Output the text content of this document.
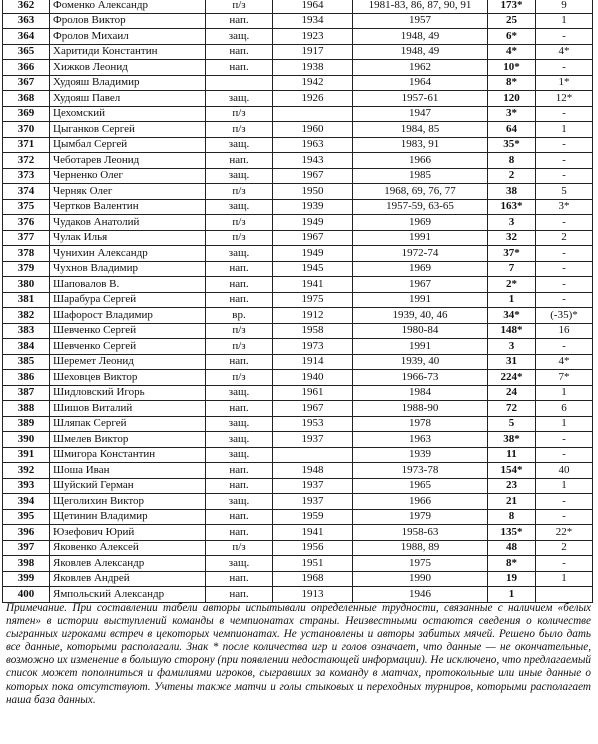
362	Фоменко Александр	п/з	1964	1981-83, 86, 87, 90, 91	173*	9
363	Фролов Виктор	нап.	1934	1957	25	1
364	Фролов Михаил	защ.	1923	1948, 49	6*	-
365	Харитиди Константин	нап.	1917	1948, 49	4*	4*
366	Хижков Леонид	нап.	1938	1962	10*	-
367	Худояш Владимир		1942	1964	8*	1*
368	Худояш Павел	защ.	1926	1957-61	120	12*
369	Цехомский	п/з		1947	3*	-
370	Цыганков Сергей	п/з	1960	1984, 85	64	1
371	Цымбал Сергей	защ.	1963	1983, 91	35*	-
372	Чеботарев Леонид	нап.	1943	1966	8	-
373	Черненко Олег	защ.	1967	1985	2	-
374	Черняк Олег	п/з	1950	1968, 69, 76, 77	38	5
375	Чертков Валентин	защ.	1939	1957-59, 63-65	163*	3*
376	Чудаков Анатолий	п/з	1949	1969	3	-
377	Чулак Илья	п/з	1967	1991	32	2
378	Чунихин Александр	защ.	1949	1972-74	37*	-
379	Чухнов Владимир	нап.	1945	1969	7	-
380	Шаповалов В.	нап.	1941	1967	2*	-
381	Шарабура Сергей	нап.	1975	1991	1	-
382	Шафорост Владимир	вр.	1912	1939, 40, 46	34*	(-35)*
383	Шевченко Сергей	п/з	1958	1980-84	148*	16
384	Шевченко Сергей	п/з	1973	1991	3	-
385	Шеремет Леонид	нап.	1914	1939, 40	31	4*
386	Шеховцев Виктор	п/з	1940	1966-73	224*	7*
387	Шидловский Игорь	защ.	1961	1984	24	1
388	Шишов Виталий	нап.	1967	1988-90	72	6
389	Шляпак Сергей	защ.	1953	1978	5	1
390	Шмелев Виктор	защ.	1937	1963	38*	-
391	Шмигора Константин	защ.		1939	11	-
392	Шоша Иван	нап.	1948	1973-78	154*	40
393	Шуйский Герман	нап.	1937	1965	23	1
394	Щеголихин Виктор	защ.	1937	1966	21	-
395	Щетинин Владимир	нап.	1959	1979	8	-
396	Юзефович Юрий	нап.	1941	1958-63	135*	22*
397	Яковенко Алексей	п/з	1956	1988, 89	48	2
398	Яковлев Александр	защ.	1951	1975	8*	-
399	Яковлев Андрей	нап.	1968	1990	19	1
400	Ямпольский Александр	нап.	1913	1946	1	
Примечание. При составлении табели авторы испытывали определенные трудности, связанные с наличием «белых пятен» в истории выступлений команды в чемпионатах страны. Неизвестными остаются сведения о количестве сыгранных игроками встреч в цекоторых чемпионатах. Не установлены и авторы забитых мячей. Решено было дать все данные, которыми располагали. Знак * после количества игр и голов означает, что данные — не окончательные, возможно их изменение в большую сторону (при появлении недостающей информации). Не исключено, что предлагаемый список может пополниться и фамилиями игроков, сыгравших за команду в матчах, протокольные или иные данные о которых пока отсутствуют. Учтены также матчи и голы стыковых и переходных турниров, которыми располагает наша база данных.
